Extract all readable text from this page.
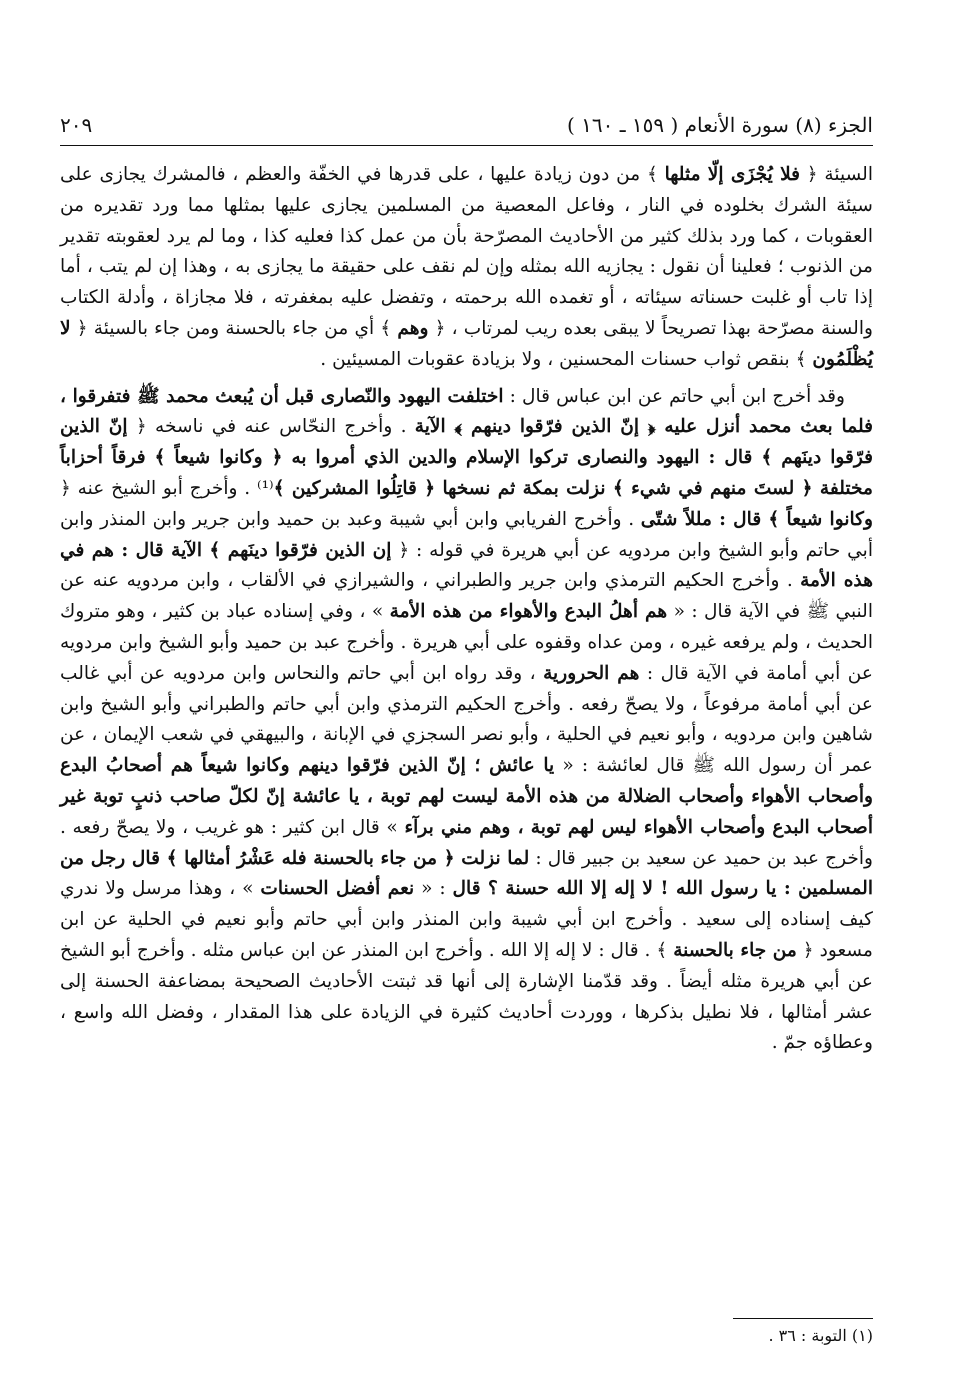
٢٠٩	الجزء (٨) سورة الأنعام ( ١٥٩ ـ ١٦٠ )

السيئة ﴿ فلا يُجْزَى إلّا مثلها ﴾ من دون زيادة عليها ، على قدرها في الخفّة والعظم ، فالمشرك يجازى على سيئة الشرك بخلوده في النار ، وفاعل المعصية من المسلمين يجازى عليها بمثلها مما ورد تقديره من العقوبات ، كما ورد بذلك كثير من الأحاديث المصرّحة بأن من عمل كذا فعليه كذا ، وما لم يرد لعقوبته تقدير من الذنوب ؛ فعلينا أن نقول : يجازيه الله بمثله وإن لم نقف على حقيقة ما يجازى به ، وهذا إن لم يتب ، أما إذا تاب أو غلبت حسناته سيئاته ، أو تغمده الله برحمته ، وتفضل عليه بمغفرته ، فلا مجازاة ، وأدلة الكتاب والسنة مصرّحة بهذا تصريحاً لا يبقى بعده ريب لمرتاب ، ﴿ وهم ﴾ أي من جاء بالحسنة ومن جاء بالسيئة ﴿ لا يُظْلَمُون ﴾ بنقص ثواب حسنات المحسنين ، ولا بزيادة عقوبات المسيئين .

وقد أخرج ابن أبي حاتم عن ابن عباس قال : اختلفت اليهود والنّصارى قبل أن يُبعث محمد ﷺ فتفرقوا ، فلما بعث محمد أنزل عليه ﴿ إنّ الذين فرّقوا دينهم ﴾ الآية . وأخرج النحّاس عنه في ناسخه ﴿ إنّ الذين فرّقوا دينَهم ﴾ قال : اليهود والنصارى تركوا الإسلام والدين الذي أمروا به ﴿ وكانوا شيعاً ﴾ فرقاً أحزاباً مختلفة ﴿ لستَ منهم في شيء ﴾ نزلت بمكة ثم نسخها ﴿ قاتِلُوا المشركين ﴾⁽¹⁾ . وأخرج أبو الشيخ عنه ﴿ وكانوا شيعاً ﴾ قال : مللاً شتّى . وأخرج الفريابي وابن أبي شيبة وعبد بن حميد وابن جرير وابن المنذر وابن أبي حاتم وأبو الشيخ وابن مردويه عن أبي هريرة في قوله : ﴿ إن الذين فرّقوا دينَهم ﴾ الآية قال : هم في هذه الأمة . وأخرج الحكيم الترمذي وابن جرير والطبراني ، والشيرازي في الألقاب ، وابن مردويه عنه عن النبي ﷺ في الآية قال : « هم أهلُ البدع والأهواء من هذه الأمة » ، وفي إسناده عباد بن كثير ، وهو متروك الحديث ، ولم يرفعه غيره ، ومن عداه وقفوه على أبي هريرة . وأخرج عبد بن حميد وأبو الشيخ وابن مردويه عن أبي أمامة في الآية قال : هم الحرورية ، وقد رواه ابن أبي حاتم والنحاس وابن مردويه عن أبي غالب عن أبي أمامة مرفوعاً ، ولا يصحّ رفعه . وأخرج الحكيم الترمذي وابن أبي حاتم والطبراني وأبو الشيخ وابن شاهين وابن مردويه ، وأبو نعيم في الحلية ، وأبو نصر السجزي في الإبانة ، والبيهقي في شعب الإيمان ، عن عمر أن رسول الله ﷺ قال لعائشة : « يا عائش ؛ إنّ الذين فرّقوا دينهم وكانوا شيعاً هم أصحابُ البدع وأصحاب الأهواء وأصحاب الضلالة من هذه الأمة ليست لهم توبة ، يا عائشة إنّ لكلّ صاحب ذنبٍ توبة غير أصحاب البدع وأصحاب الأهواء ليس لهم توبة ، وهم مني برآء » قال ابن كثير : هو غريب ، ولا يصحّ رفعه . وأخرج عبد بن حميد عن سعيد بن جبير قال : لما نزلت ﴿ من جاء بالحسنة فله عَشْرُ أمثالها ﴾ قال رجل من المسلمين : يا رسول الله ! لا إله إلا الله حسنة ؟ قال : « نعم أفضل الحسنات » ، وهذا مرسل ولا ندري كيف إسناده إلى سعيد . وأخرج ابن أبي شيبة وابن المنذر وابن أبي حاتم وأبو نعيم في الحلية عن ابن مسعود ﴿ من جاء بالحسنة ﴾ . قال : لا إله إلا الله . وأخرج ابن المنذر عن ابن عباس مثله . وأخرج أبو الشيخ عن أبي هريرة مثله أيضاً . وقد قدّمنا الإشارة إلى أنها قد ثبتت الأحاديث الصحيحة بمضاعفة الحسنة إلى عشر أمثالها ، فلا نطيل بذكرها ، ووردت أحاديث كثيرة في الزيادة على هذا المقدار ، وفضل الله واسع ، وعطاؤه جمّ .

(١) التوبة : ٣٦ .
